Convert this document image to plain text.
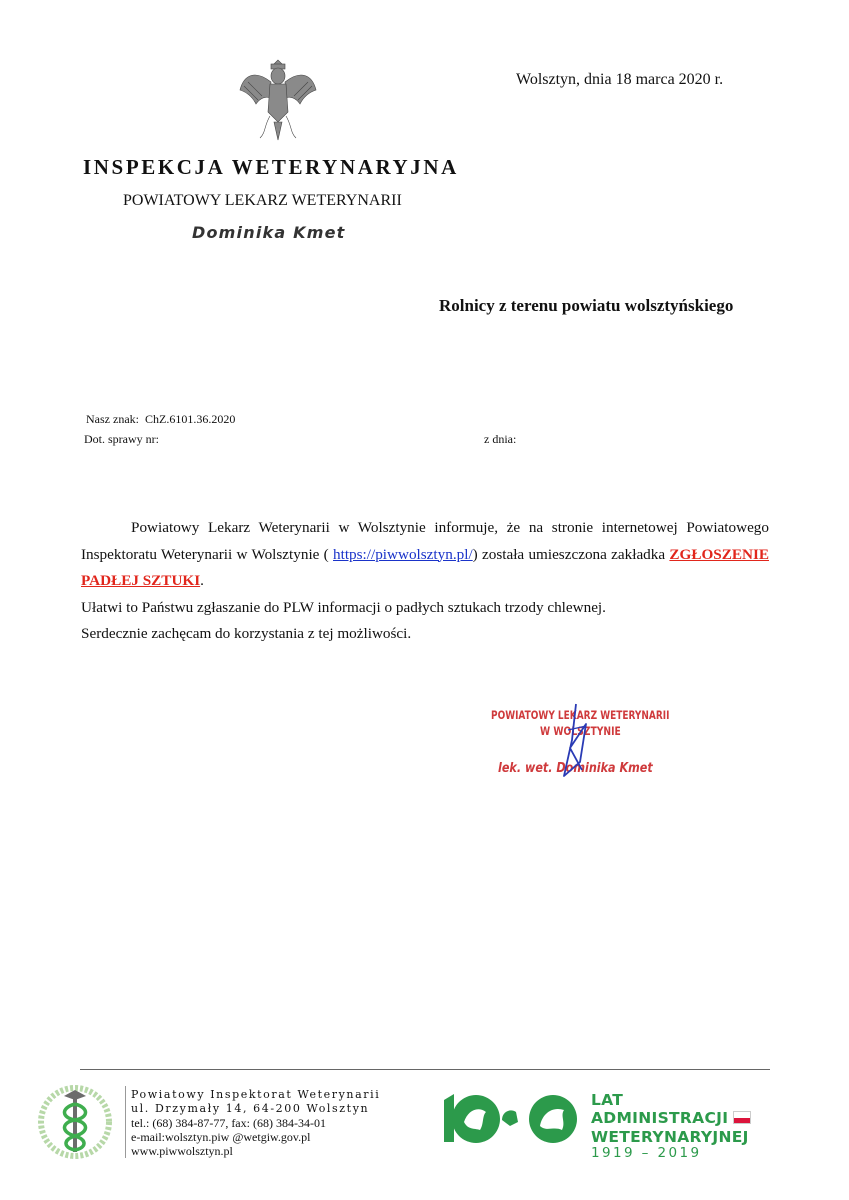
Wolsztyn, dnia 18 marca 2020 r.
INSPEKCJA WETERYNARYJNA
POWIATOWY LEKARZ WETERYNARII
Dominika Kmet
Rolnicy z terenu powiatu wolsztyńskiego
Nasz znak: ChZ.6101.36.2020
Dot. sprawy nr:	z dnia:

Powiatowy Lekarz Weterynarii w Wolsztynie informuje, że na stronie internetowej Powiatowego Inspektoratu Weterynarii w Wolsztynie ( https://piwwolsztyn.pl/) została umieszczona zakładka ZGŁOSZENIE PADŁEJ SZTUKI.

Ułatwi to Państwu zgłaszanie do PLW informacji o padłych sztukach trzody chlewnej.

Serdecznie zachęcam do korzystania z tej możliwości.

POWIATOWY LEKARZ WETERYNARII
W WOLSZTYNIE
lek. wet. Dominika Kmet
Powiatowy Inspektorat Weterynarii
ul. Drzymały 14, 64-200 Wolsztyn
tel.: (68) 384-87-77, fax: (68) 384-34-01
e-mail:wolsztyn.piw @wetgiw.gov.pl
www.piwwolsztyn.pl
LAT
ADMINISTRACJI
WETERYNARYJNEJ
1919 – 2019
